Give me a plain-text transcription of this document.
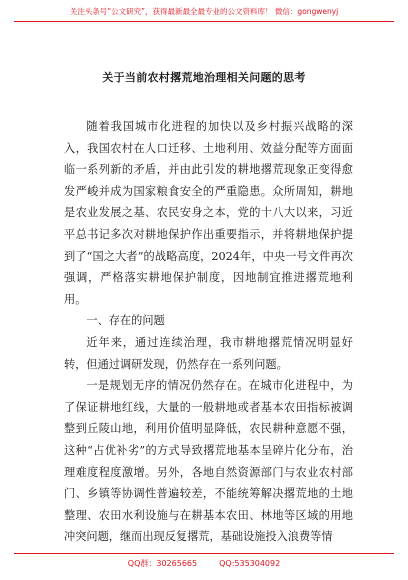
关注头条号“公文研究”，获得最新最全最专业的公文资料库！ 微信：gongwenyj
关于当前农村撂荒地治理相关问题的思考

随着我国城市化进程的加快以及乡村振兴战略的深入，我国农村在人口迁移、土地利用、效益分配等方面面临一系列新的矛盾，并由此引发的耕地撂荒现象正变得愈发严峻并成为国家粮食安全的严重隐患。众所周知，耕地是农业发展之基、农民安身之本，党的十八大以来，习近平总书记多次对耕地保护作出重要指示，并将耕地保护提到了“国之大者”的战略高度，2024年，中央一号文件再次强调，严格落实耕地保护制度，因地制宜推进撂荒地利用。

一、存在的问题

近年来，通过连续治理，我市耕地撂荒情况明显好转，但通过调研发现，仍然存在一系列问题。

一是规划无序的情况仍然存在。在城市化进程中，为了保证耕地红线，大量的一般耕地或者基本农田指标被调整到丘陵山地，利用价值明显降低，农民耕种意愿不强，这种“占优补劣”的方式导致撂荒地基本呈碎片化分布，治理难度程度激增。另外，各地自然资源部门与农业农村部门、乡镇等协调性普遍较差，不能统筹解决撂荒地的土地整理、农田水利设施与在耕基本农田、林地等区域的用地冲突问题，继而出现反复撂荒，基础设施投入浪费等情

QQ群：30265665	QQ:535304092
